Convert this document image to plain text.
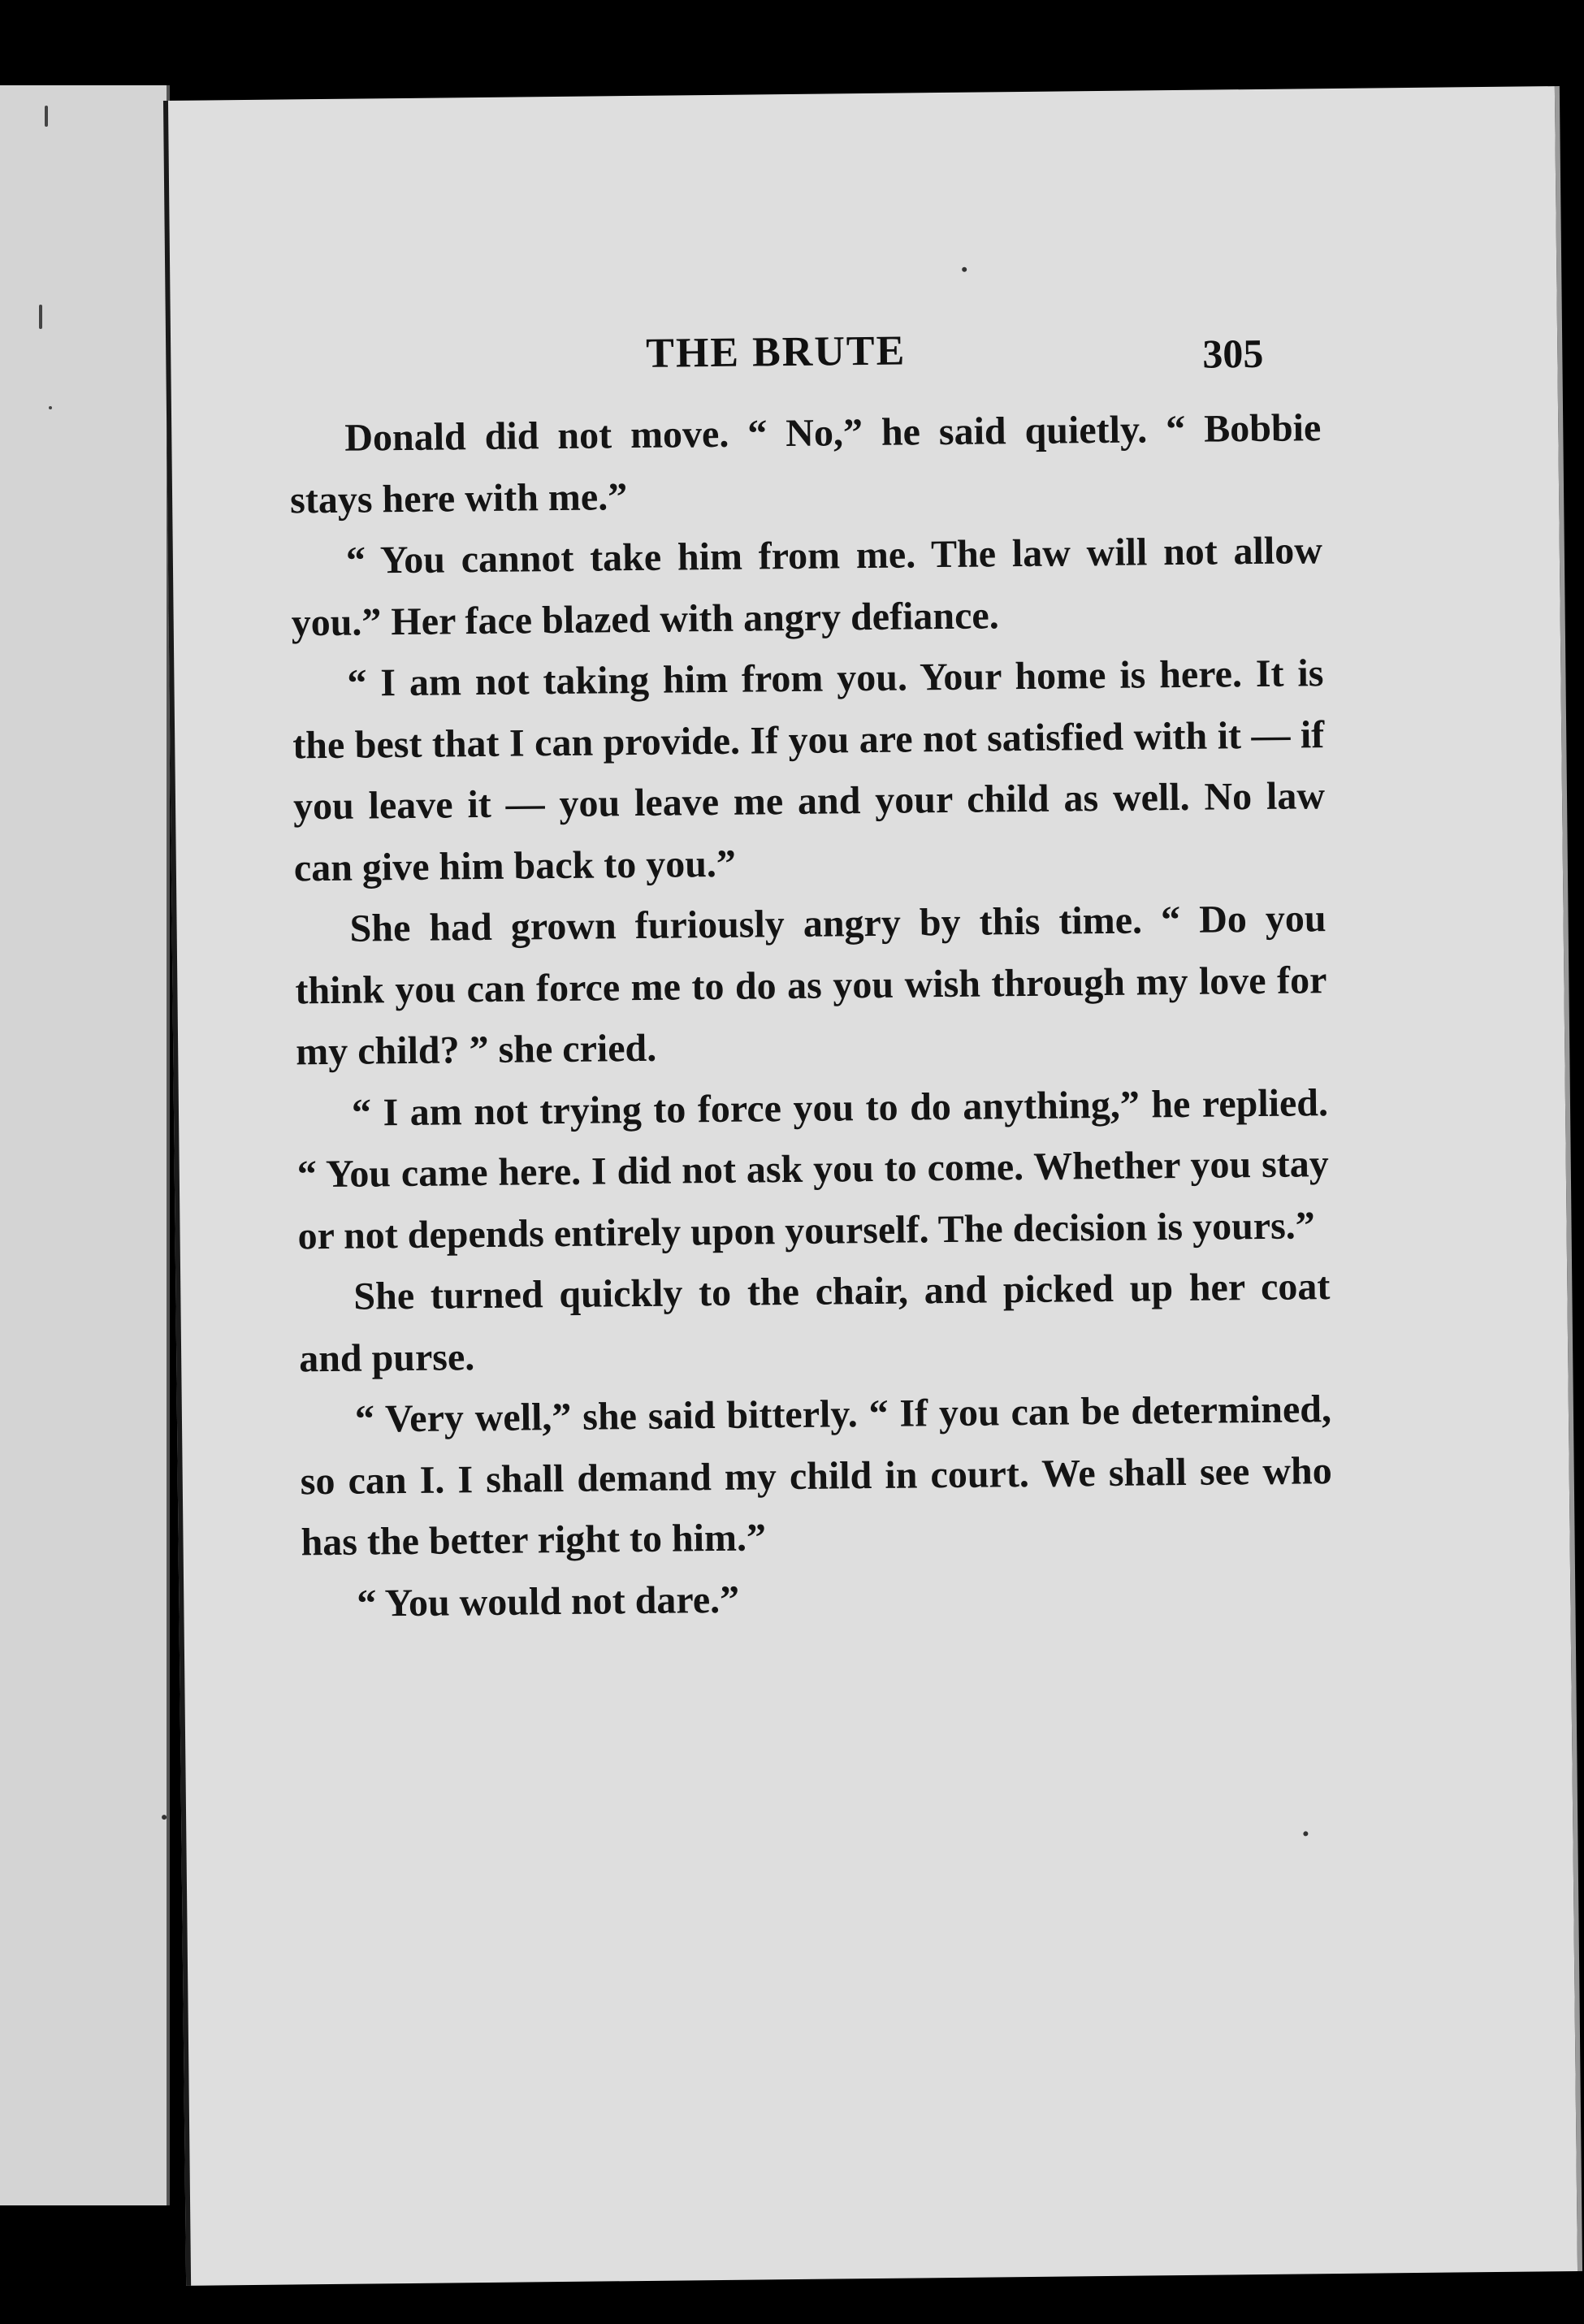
THE BRUTE	305

Donald did not move. “ No,” he said quietly. “ Bobbie stays here with me.”

“ You cannot take him from me. The law will not allow you.” Her face blazed with angry defiance.

“ I am not taking him from you. Your home is here. It is the best that I can provide. If you are not satisfied with it — if you leave it — you leave me and your child as well. No law can give him back to you.”

She had grown furiously angry by this time. “ Do you think you can force me to do as you wish through my love for my child? ” she cried.

“ I am not trying to force you to do anything,” he replied. “ You came here. I did not ask you to come. Whether you stay or not depends entirely upon yourself. The decision is yours.”

She turned quickly to the chair, and picked up her coat and purse.

“ Very well,” she said bitterly. “ If you can be determined, so can I. I shall demand my child in court. We shall see who has the better right to him.”

“ You would not dare.”
